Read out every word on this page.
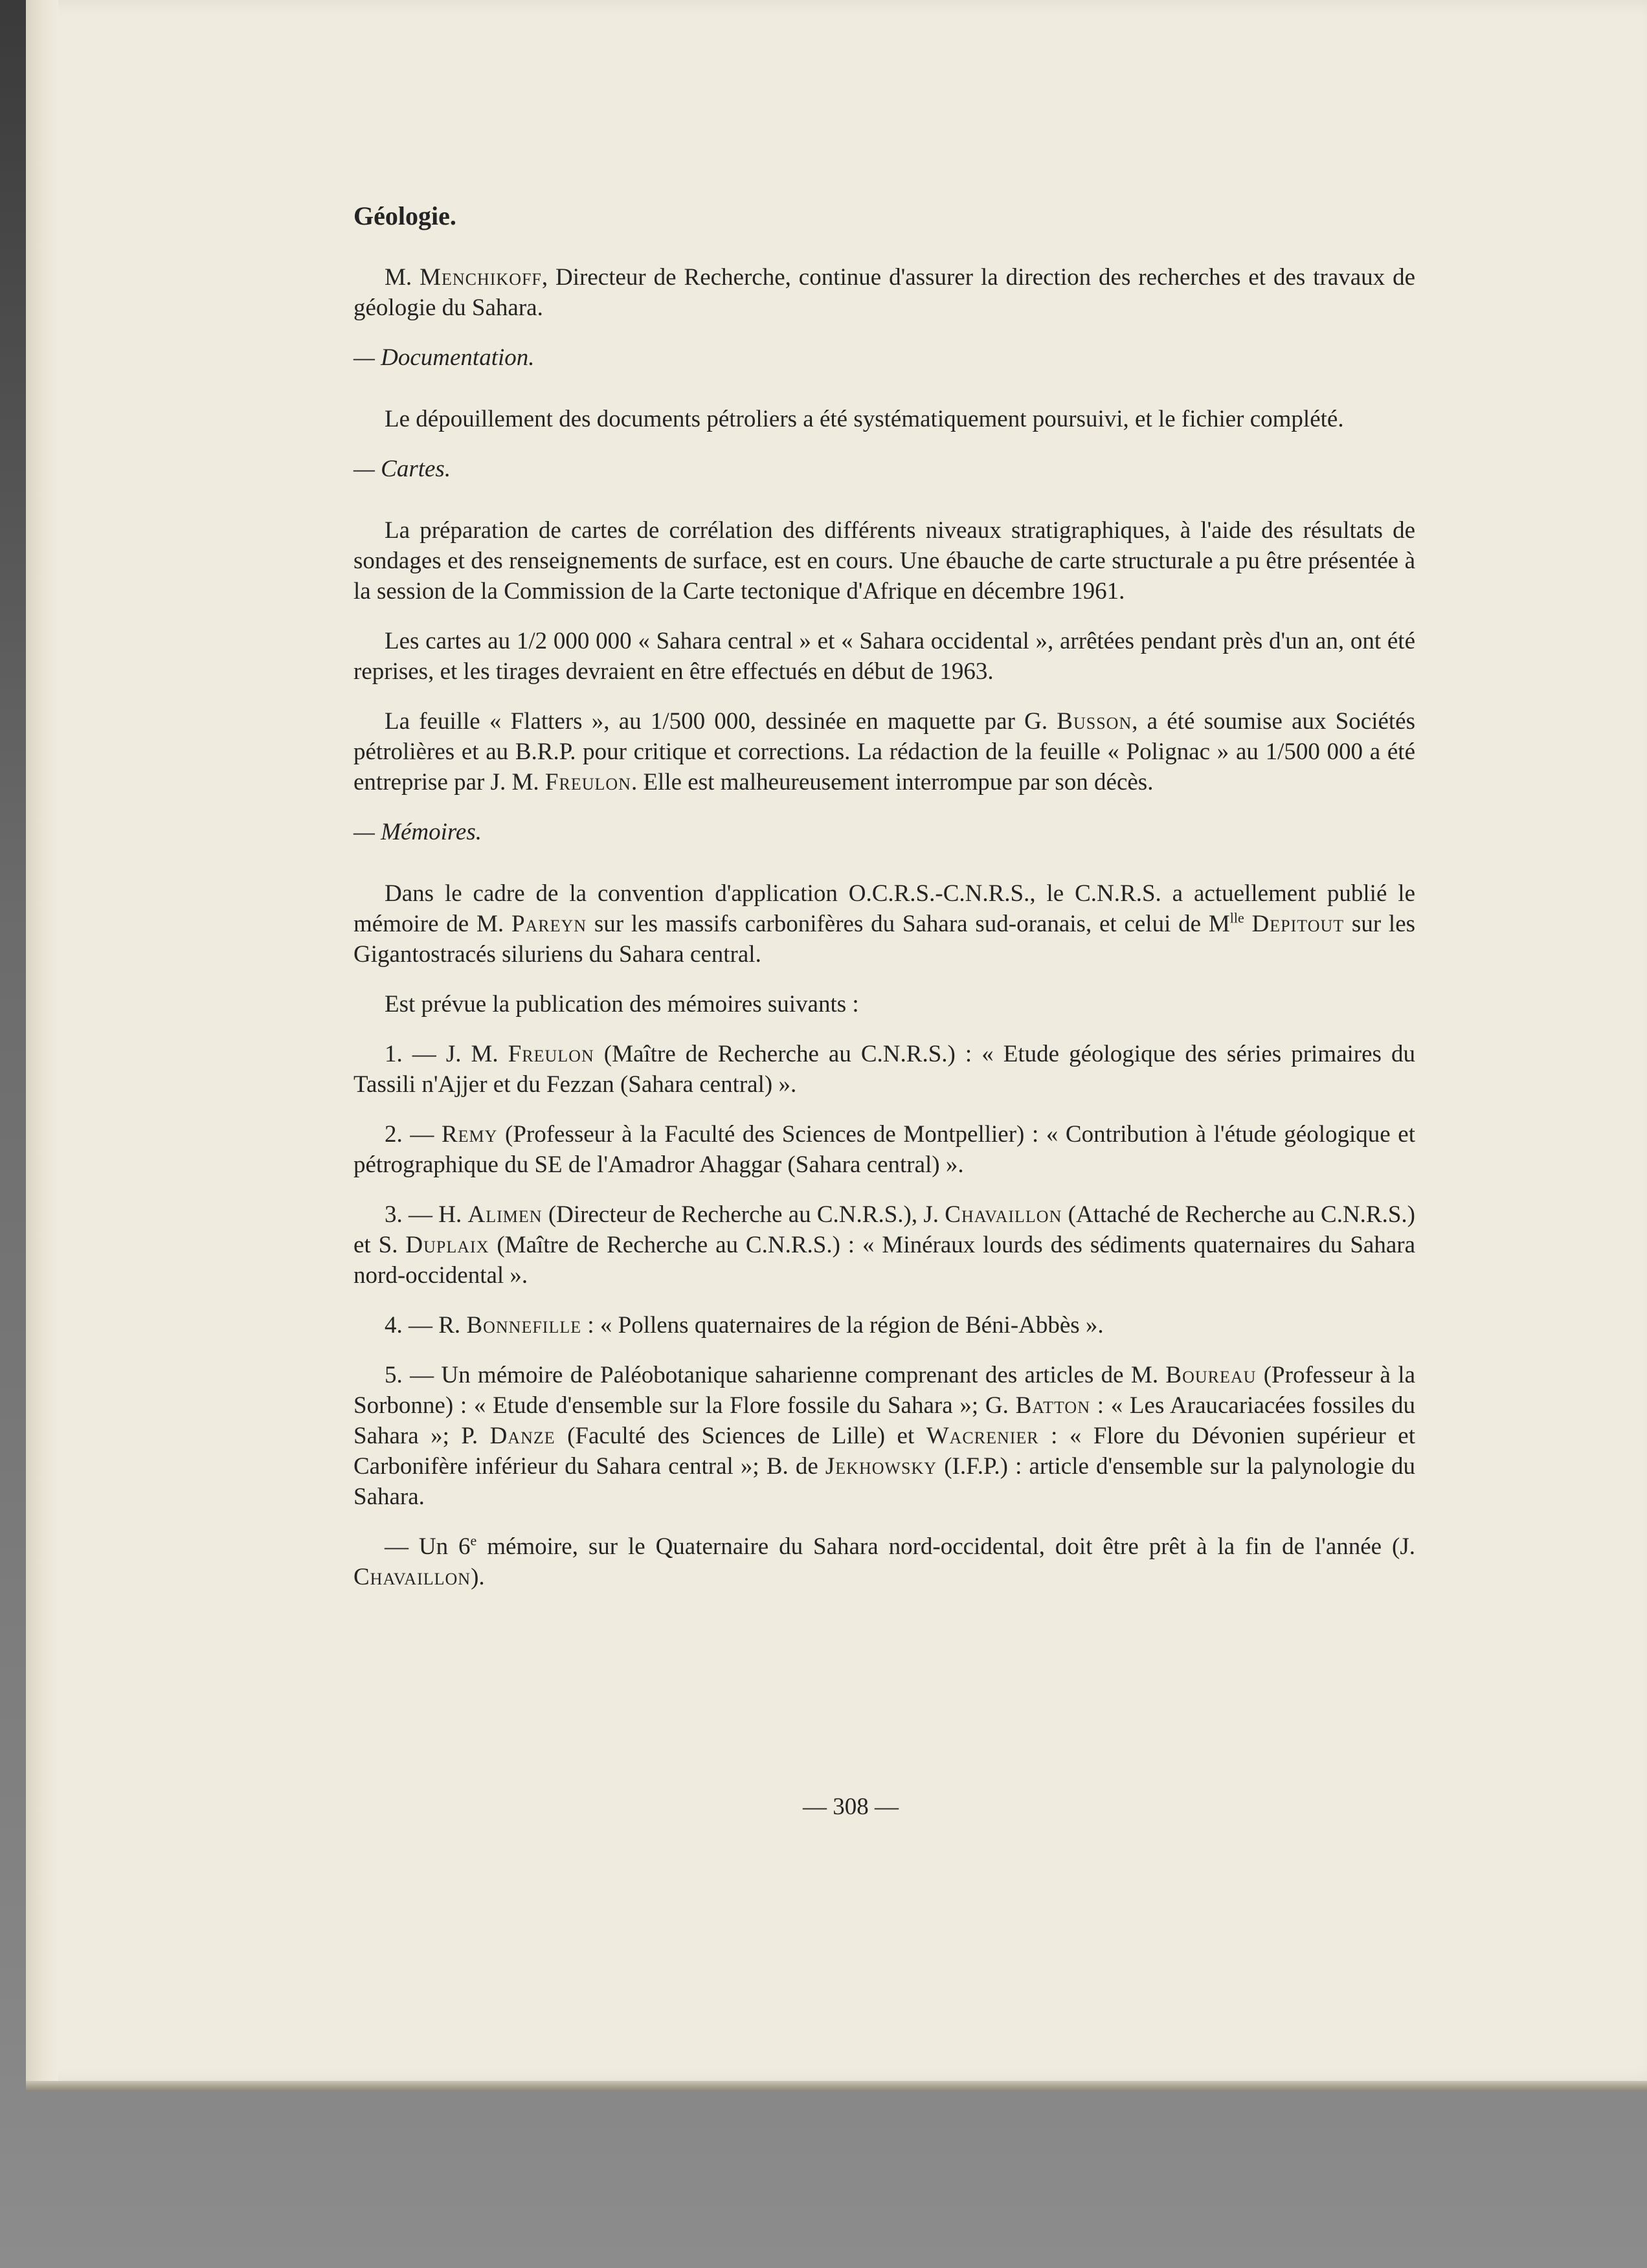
Géologie.

M. Menchikoff, Directeur de Recherche, continue d'assurer la direction des recherches et des travaux de géologie du Sahara.

— Documentation.

Le dépouillement des documents pétroliers a été systématiquement poursuivi, et le fichier complété.

— Cartes.

La préparation de cartes de corrélation des différents niveaux stratigraphiques, à l'aide des résultats de sondages et des renseignements de surface, est en cours. Une ébauche de carte structurale a pu être présentée à la session de la Commission de la Carte tectonique d'Afrique en décembre 1961.

Les cartes au 1/2 000 000 « Sahara central » et « Sahara occidental », arrêtées pendant près d'un an, ont été reprises, et les tirages devraient en être effectués en début de 1963.

La feuille « Flatters », au 1/500 000, dessinée en maquette par G. Busson, a été soumise aux Sociétés pétrolières et au B.R.P. pour critique et corrections. La rédaction de la feuille « Polignac » au 1/500 000 a été entreprise par J. M. Freulon. Elle est malheureusement interrompue par son décès.

— Mémoires.

Dans le cadre de la convention d'application O.C.R.S.-C.N.R.S., le C.N.R.S. a actuellement publié le mémoire de M. Pareyn sur les massifs carbonifères du Sahara sud-oranais, et celui de $M^{lle}$ Depitout sur les Gigantostracés siluriens du Sahara central.

Est prévue la publication des mémoires suivants :

1. — J. M. Freulon (Maître de Recherche au C.N.R.S.) : « Etude géologique des séries primaires du Tassili n'Ajjer et du Fezzan (Sahara central) ».

2. — Remy (Professeur à la Faculté des Sciences de Montpellier) : « Contribution à l'étude géologique et pétrographique du SE de l'Amadror Ahaggar (Sahara central) ».

3. — H. Alimen (Directeur de Recherche au C.N.R.S.), J. Chavaillon (Attaché de Recherche au C.N.R.S.) et S. Duplaix (Maître de Recherche au C.N.R.S.) : « Minéraux lourds des sédiments quaternaires du Sahara nord-occidental ».

4. — R. Bonnefille : « Pollens quaternaires de la région de Béni-Abbès ».

5. — Un mémoire de Paléobotanique saharienne comprenant des articles de M. Boureau (Professeur à la Sorbonne) : « Etude d'ensemble sur la Flore fossile du Sahara »; G. Batton : « Les Araucariacées fossiles du Sahara »; P. Danze (Faculté des Sciences de Lille) et Wacrenier : « Flore du Dévonien supérieur et Carbonifère inférieur du Sahara central »; B. de Jekhowsky (I.F.P.) : article d'ensemble sur la palynologie du Sahara.

— Un 6e mémoire, sur le Quaternaire du Sahara nord-occidental, doit être prêt à la fin de l'année (J. Chavaillon).

— 308 —
